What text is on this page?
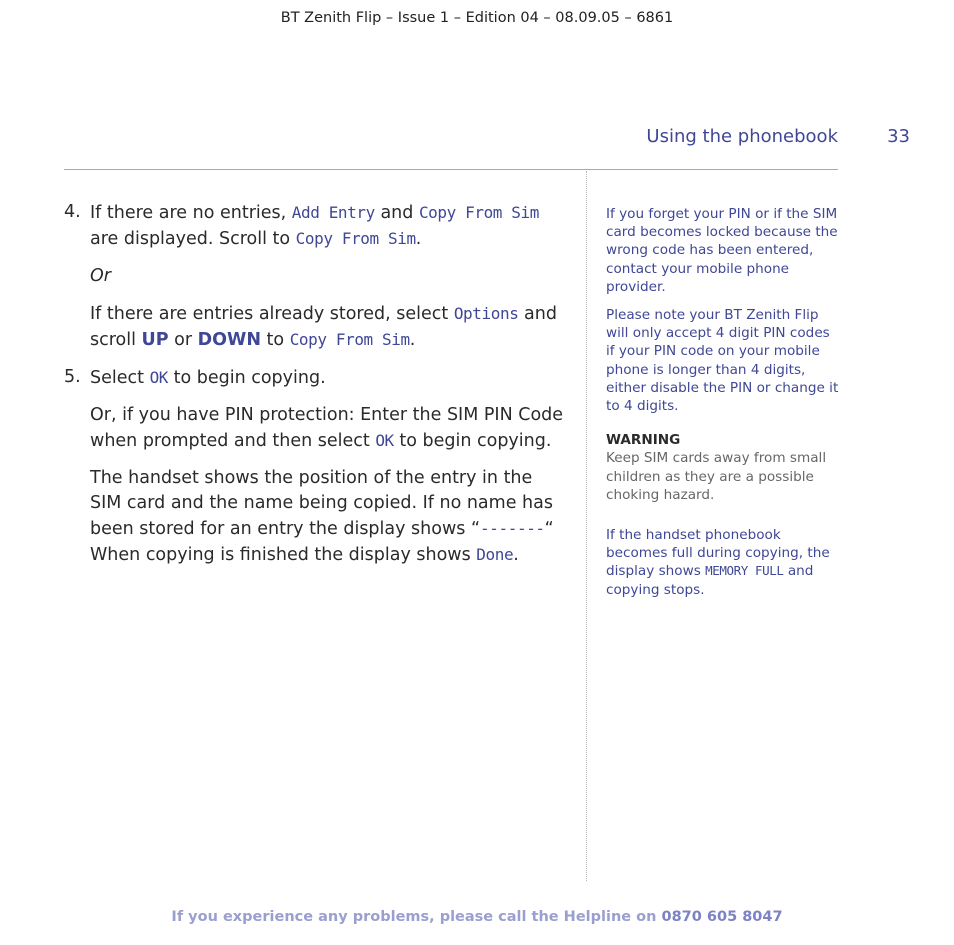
BT Zenith Flip – Issue 1 – Edition 04 – 08.09.05 – 6861
Using the phonebook	33
4. If there are no entries, Add Entry and Copy From Sim are displayed. Scroll to Copy From Sim.
Or
If there are entries already stored, select Options and scroll UP or DOWN to Copy From Sim.
5. Select OK to begin copying.
Or, if you have PIN protection: Enter the SIM PIN Code when prompted and then select OK to begin copying.
The handset shows the position of the entry in the SIM card and the name being copied. If no name has been stored for an entry the display shows “-------“ When copying is finished the display shows Done.
If you forget your PIN or if the SIM card becomes locked because the wrong code has been entered, contact your mobile phone provider.
Please note your BT Zenith Flip will only accept 4 digit PIN codes if your PIN code on your mobile phone is longer than 4 digits, either disable the PIN or change it to 4 digits.
WARNING
Keep SIM cards away from small children as they are a possible choking hazard.
If the handset phonebook becomes full during copying, the display shows MEMORY FULL and copying stops.
If you experience any problems, please call the Helpline on 0870 605 8047
